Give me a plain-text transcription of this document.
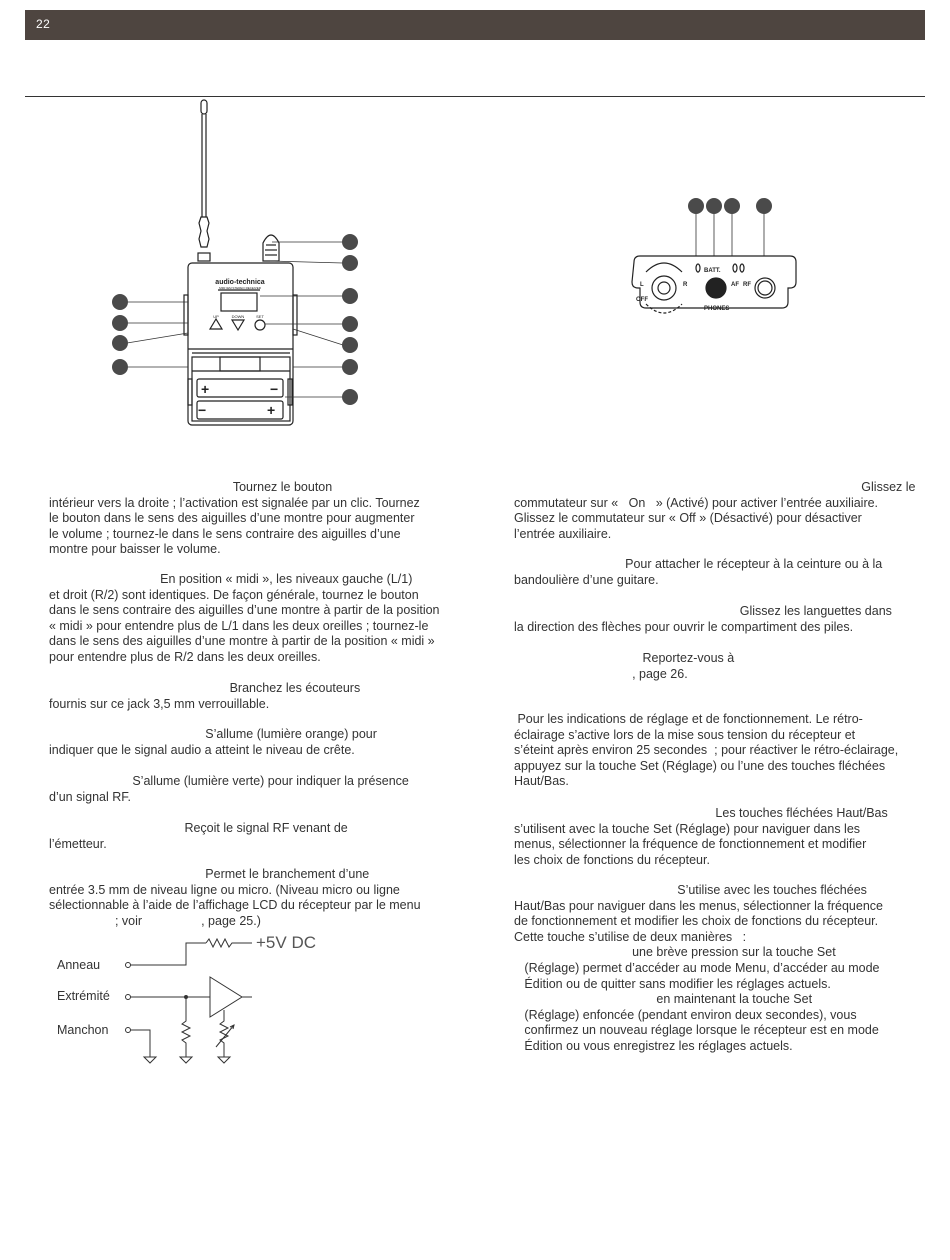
22
+	−
−	+
audio-technica
M3R IEM STEREO RECEIVER
UP	DOWN	SET
BATT.
AF RF
PHONES
L	R
OFF

Tournez le bouton
intérieur vers la droite ; l’activation est signalée par un clic. Tournez
le bouton dans le sens des aiguilles d’une montre pour augmenter
le volume ; tournez-le dans le sens contraire des aiguilles d’une
montre pour baisser le volume.

En position « midi », les niveaux gauche (L/1)
et droit (R/2) sont identiques. De façon générale, tournez le bouton
dans le sens contraire des aiguilles d’une montre à partir de la position
« midi » pour entendre plus de L/1 dans les deux oreilles ; tournez-le
dans le sens des aiguilles d’une montre à partir de la position « midi »
pour entendre plus de R/2 dans les deux oreilles.

Branchez les écouteurs
fournis sur ce jack 3,5 mm verrouillable.

S’allume (lumière orange) pour
indiquer que le signal audio a atteint le niveau de crête.

S’allume (lumière verte) pour indiquer la présence
d’un signal RF.

Reçoit le signal RF venant de
l’émetteur.

Permet le branchement d’une
entrée 3.5 mm de niveau ligne ou micro. (Niveau micro ou ligne
sélectionnable à l’aide de l’affichage LCD du récepteur par le menu
; voir                 , page 25.)

Anneau
Extrémité
Manchon
+5V DC

Glissez le
commutateur sur «   On   » (Activé) pour activer l’entrée auxiliaire.
Glissez le commutateur sur « Off » (Désactivé) pour désactiver
l’entrée auxiliaire.

Pour attacher le récepteur à la ceinture ou à la
bandoulière d’une guitare.

Glissez les languettes dans
la direction des flèches pour ouvrir le compartiment des piles.

Reportez-vous à
, page 26.

Pour les indications de réglage et de fonctionnement. Le rétro-
éclairage s’active lors de la mise sous tension du récepteur et
s’éteint après environ 25 secondes  ; pour réactiver le rétro-éclairage,
appuyez sur la touche Set (Réglage) ou l’une des touches fléchées
Haut/Bas.

Les touches fléchées Haut/Bas
s’utilisent avec la touche Set (Réglage) pour naviguer dans les
menus, sélectionner la fréquence de fonctionnement et modifier
les choix de fonctions du récepteur.

S’utilise avec les touches fléchées
Haut/Bas pour naviguer dans les menus, sélectionner la fréquence
de fonctionnement et modifier les choix de fonctions du récepteur.
Cette touche s’utilise de deux manières   :
une brève pression sur la touche Set
(Réglage) permet d’accéder au mode Menu, d’accéder au mode
Édition ou de quitter sans modifier les réglages actuels.
en maintenant la touche Set
(Réglage) enfoncée (pendant environ deux secondes), vous
confirmez un nouveau réglage lorsque le récepteur est en mode
Édition ou vous enregistrez les réglages actuels.
